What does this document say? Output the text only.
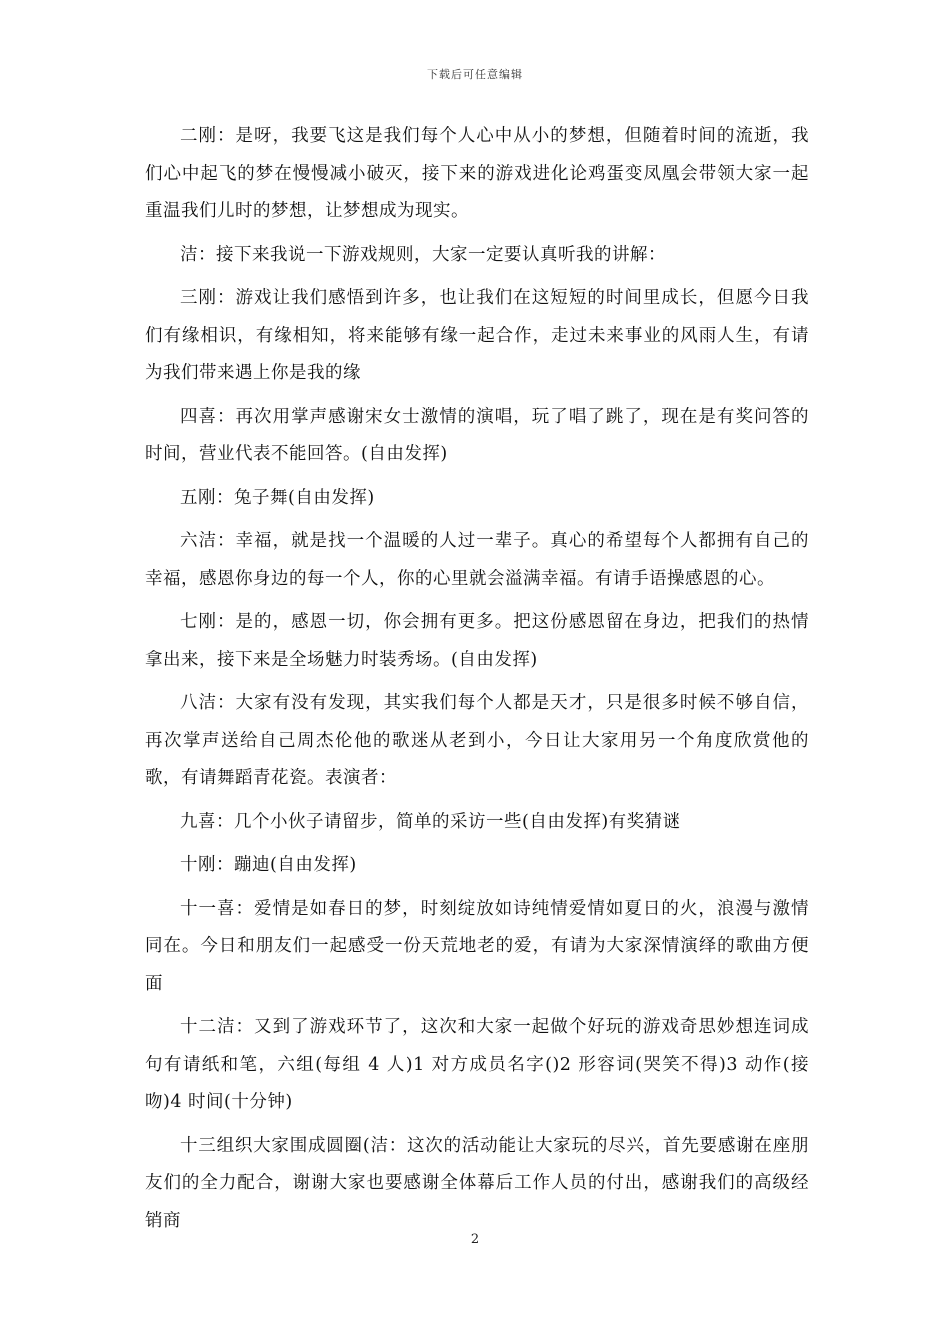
下载后可任意编辑

二刚：是呀，我要飞这是我们每个人心中从小的梦想，但随着时间的流逝，我们心中起飞的梦在慢慢减小破灭，接下来的游戏进化论鸡蛋变凤凰会带领大家一起重温我们儿时的梦想，让梦想成为现实。

洁：接下来我说一下游戏规则，大家一定要认真听我的讲解：

三刚：游戏让我们感悟到许多，也让我们在这短短的时间里成长，但愿今日我们有缘相识，有缘相知，将来能够有缘一起合作，走过未来事业的风雨人生，有请为我们带来遇上你是我的缘

四喜：再次用掌声感谢宋女士激情的演唱，玩了唱了跳了，现在是有奖问答的时间，营业代表不能回答。(自由发挥)

五刚：兔子舞(自由发挥)

六洁：幸福，就是找一个温暖的人过一辈子。真心的希望每个人都拥有自己的幸福，感恩你身边的每一个人，你的心里就会溢满幸福。有请手语操感恩的心。

七刚：是的，感恩一切，你会拥有更多。把这份感恩留在身边，把我们的热情拿出来，接下来是全场魅力时装秀场。(自由发挥)

八洁：大家有没有发现，其实我们每个人都是天才，只是很多时候不够自信，再次掌声送给自己周杰伦他的歌迷从老到小，今日让大家用另一个角度欣赏他的歌，有请舞蹈青花瓷。表演者：

九喜：几个小伙子请留步，简单的采访一些(自由发挥)有奖猜谜

十刚：蹦迪(自由发挥)

十一喜：爱情是如春日的梦，时刻绽放如诗纯情爱情如夏日的火，浪漫与激情同在。今日和朋友们一起感受一份天荒地老的爱，有请为大家深情演绎的歌曲方便面

十二洁：又到了游戏环节了，这次和大家一起做个好玩的游戏奇思妙想连词成句有请纸和笔，六组(每组 4 人)1 对方成员名字()2 形容词(哭笑不得)3 动作(接吻)4 时间(十分钟)

十三组织大家围成圆圈(洁：这次的活动能让大家玩的尽兴，首先要感谢在座朋友们的全力配合，谢谢大家也要感谢全体幕后工作人员的付出，感谢我们的高级经销商

2
